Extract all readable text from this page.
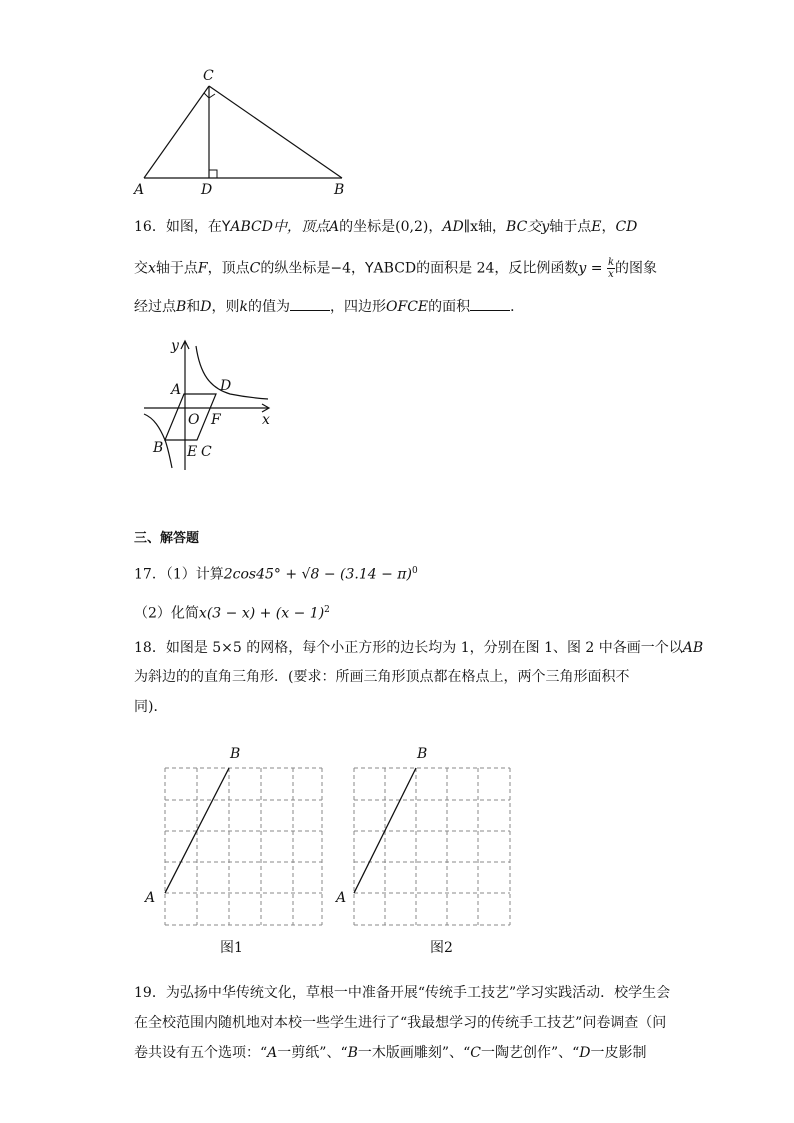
C
A	D	B
16．如图，在YABCD中，顶点A的坐标是(0,2)，AD∥x轴，BC交y轴于点E，CD
交x轴于点F，顶点C的纵坐标是−4，YABCD的面积是 24，反比例函数$y = \frac{k}{x}$ 的图象
经过点B和D，则k的值为	，四边形OFCE的面积	．
y
A	D
O F	x
B E C
三、解答题
17．（1）计算$2\cos 45^\circ + √8 - (3.14 - \pi)^0$
（2）化简$x(3 - x) + (x - 1)^2$
18．如图是 5×5 的网格，每个小正方形的边长均为 1，分别在图 1、图 2 中各画一个以AB
为斜边的的直角三角形．(要求：所画三角形顶点都在格点上，两个三角形面积不
同)．
A
B
图1
A
B
图2
19．为弘扬中华传统文化，草根一中准备开展“传统手工技艺”学习实践活动．校学生会
在全校范围内随机地对本校一些学生进行了“我最想学习的传统手工技艺”问卷调查（问
卷共设有五个选项：“A一剪纸”、“B一木版画雕刻”、“C一陶艺创作”、“D一皮影制
